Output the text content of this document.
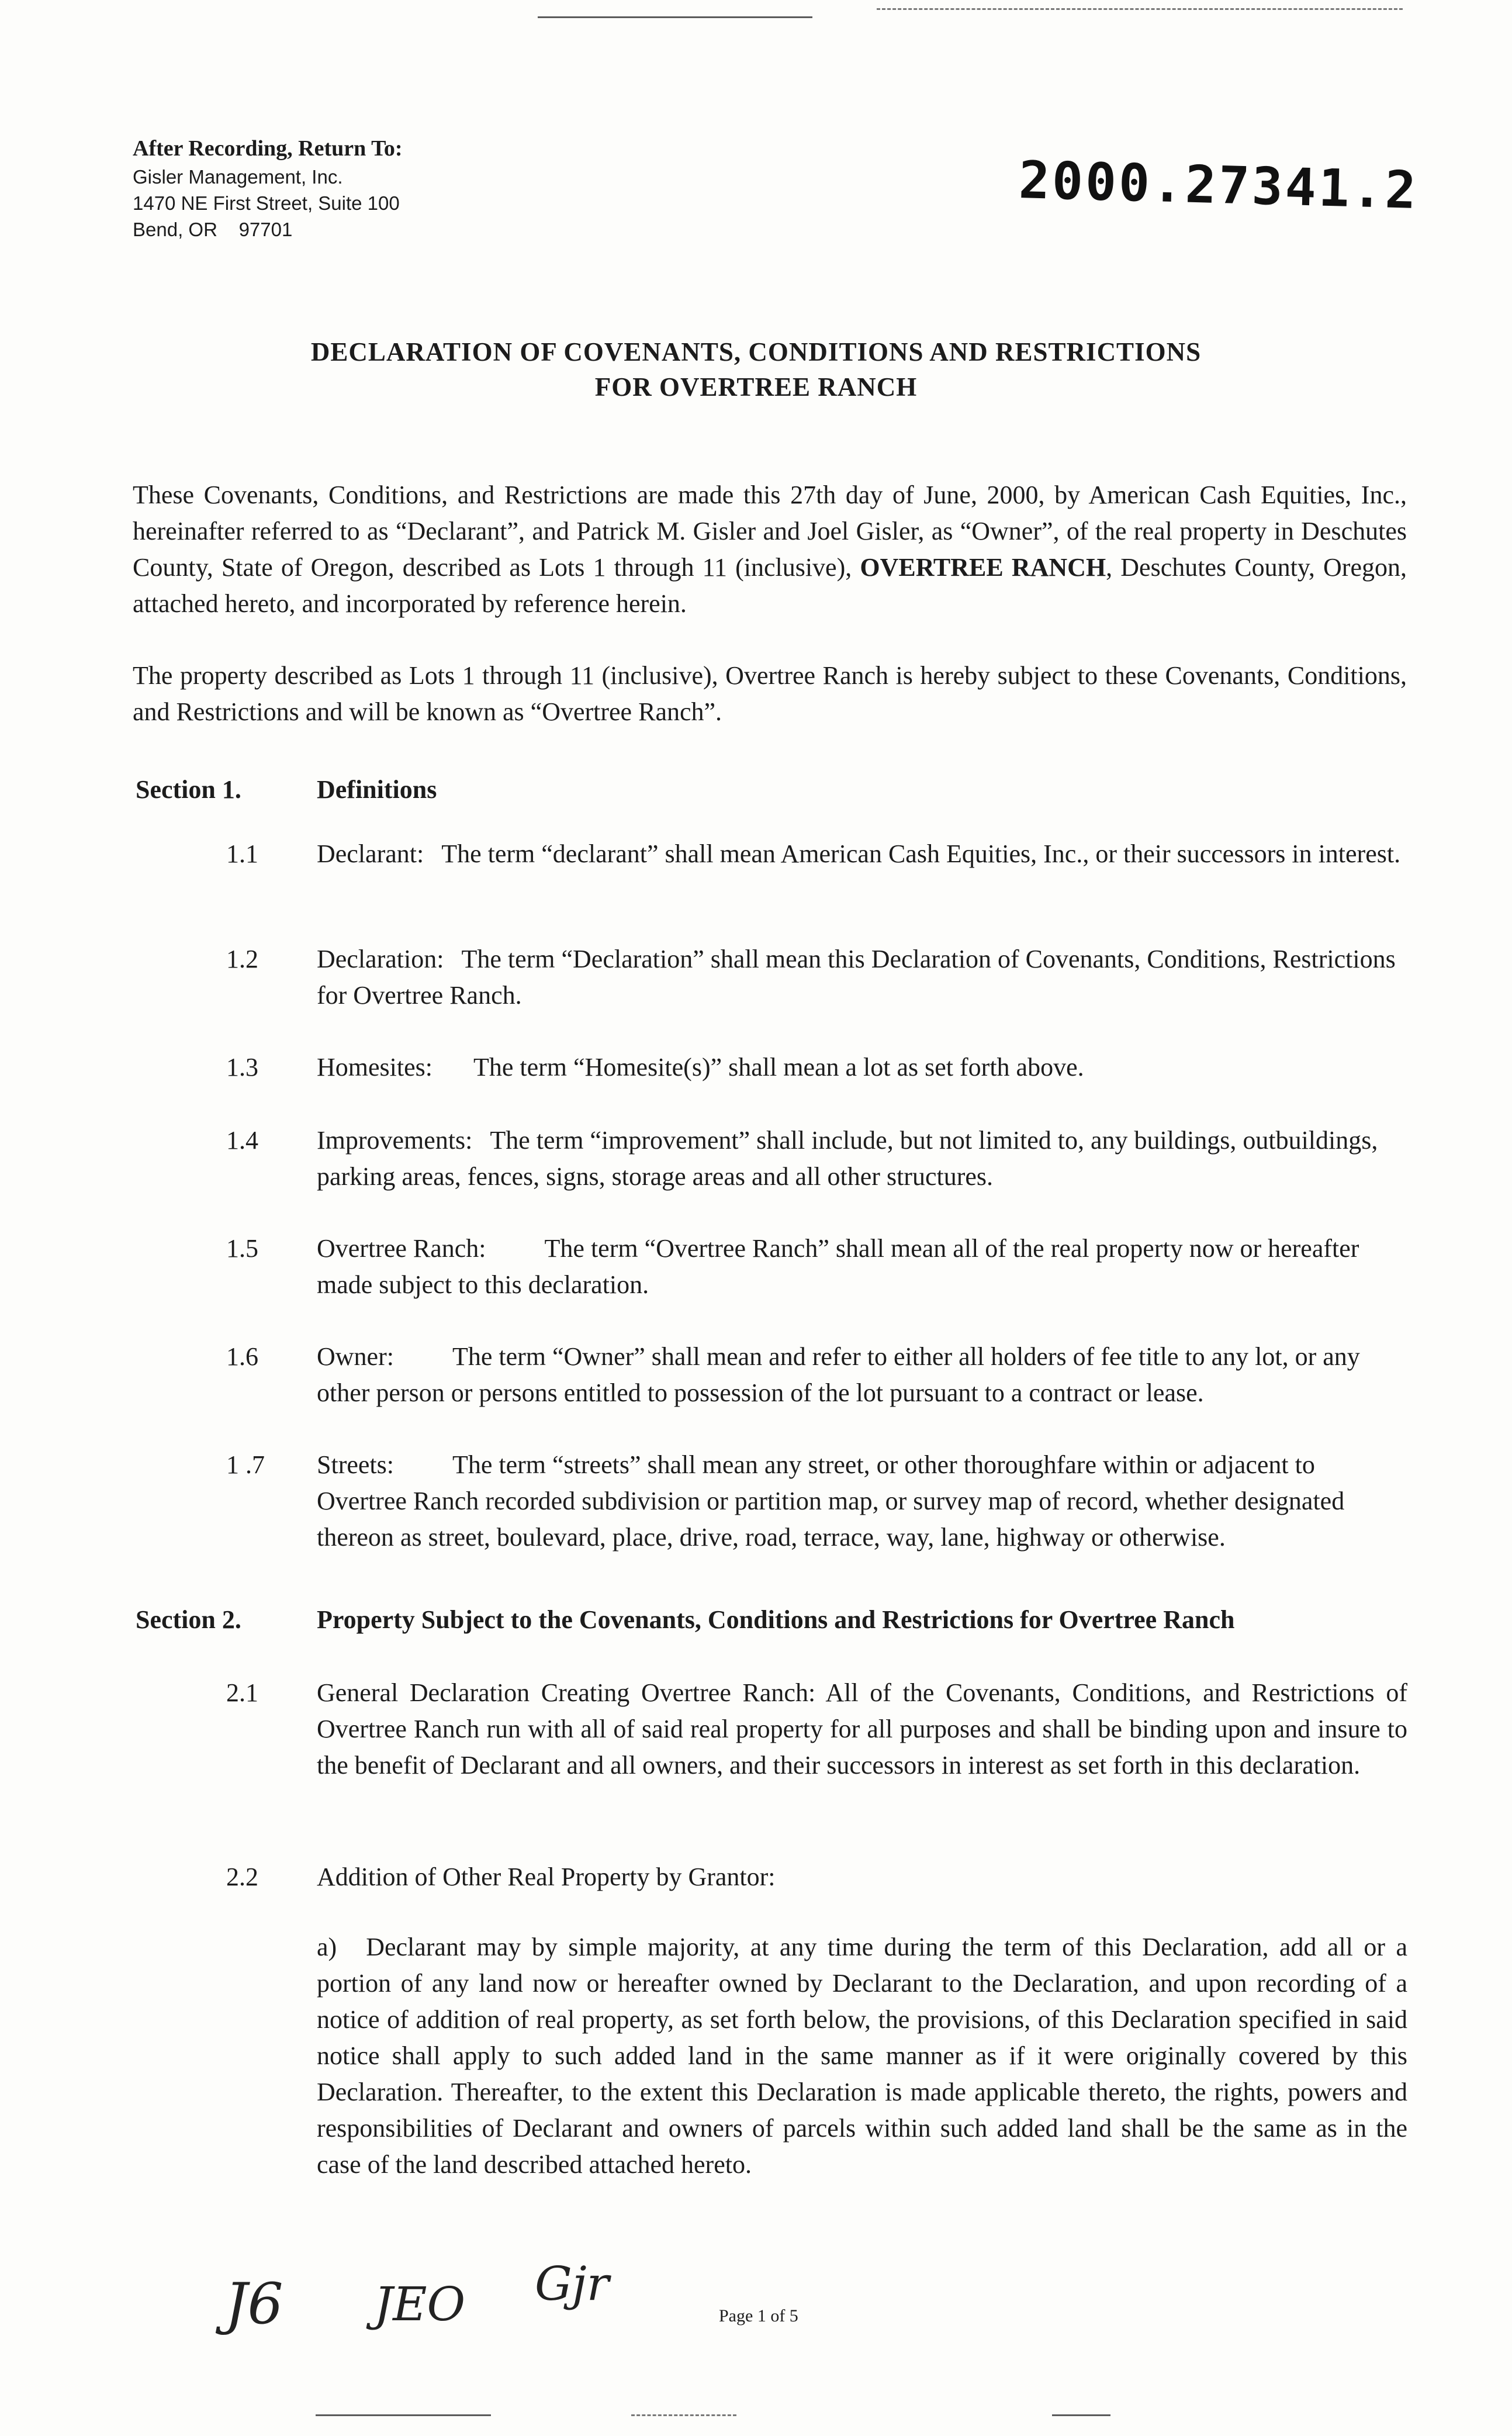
After Recording, Return To:
Gisler Management, Inc.
1470 NE First Street, Suite 100
Bend, OR    97701
2000.27341.2
DECLARATION OF COVENANTS, CONDITIONS AND RESTRICTIONS
FOR OVERTREE RANCH

These Covenants, Conditions, and Restrictions are made this 27th day of June, 2000, by American Cash Equities, Inc., hereinafter referred to as “Declarant”, and Patrick M. Gisler and Joel Gisler, as “Owner”, of the real property in Deschutes County, State of Oregon, described as Lots 1 through 11 (inclusive), OVERTREE RANCH, Deschutes County, Oregon, attached hereto, and incorporated by reference herein.

The property described as Lots 1 through 11 (inclusive), Overtree Ranch is hereby subject to these Covenants, Conditions, and Restrictions and will be known as “Overtree Ranch”.

Section 1.	Definitions
1.1 Declarant: The term “declarant” shall mean American Cash Equities, Inc., or their successors in interest.

1.2 Declaration: The term “Declaration” shall mean this Declaration of Covenants, Conditions, Restrictions for Overtree Ranch.

1.3 Homesites: The term “Homesite(s)” shall mean a lot as set forth above.

1.4 Improvements: The term “improvement” shall include, but not limited to, any buildings, outbuildings, parking areas, fences, signs, storage areas and all other structures.

1.5 Overtree Ranch: The term “Overtree Ranch” shall mean all of the real property now or hereafter made subject to this declaration.

1.6 Owner: The term “Owner” shall mean and refer to either all holders of fee title to any lot, or any other person or persons entitled to possession of the lot pursuant to a contract or lease.

1 .7 Streets: The term “streets” shall mean any street, or other thoroughfare within or adjacent to Overtree Ranch recorded subdivision or partition map, or survey map of record, whether designated thereon as street, boulevard, place, drive, road, terrace, way, lane, highway or otherwise.

Section 2.	Property Subject to the Covenants, Conditions and Restrictions for Overtree Ranch
2.1 General Declaration Creating Overtree Ranch: All of the Covenants, Conditions, and Restrictions of Overtree Ranch run with all of said real property for all purposes and shall be binding upon and insure to the benefit of Declarant and all owners, and their successors in interest as set forth in this declaration.

2.2 Addition of Other Real Property by Grantor:

a) Declarant may by simple majority, at any time during the term of this Declaration, add all or a portion of any land now or hereafter owned by Declarant to the Declaration, and upon recording of a notice of addition of real property, as set forth below, the provisions, of this Declaration specified in said notice shall apply to such added land in the same manner as if it were originally covered by this Declaration. Thereafter, to the extent this Declaration is made applicable thereto, the rights, powers and responsibilities of Declarant and owners of parcels within such added land shall be the same as in the case of the land described attached hereto.

J6 JEO Gjr
Page 1 of 5
